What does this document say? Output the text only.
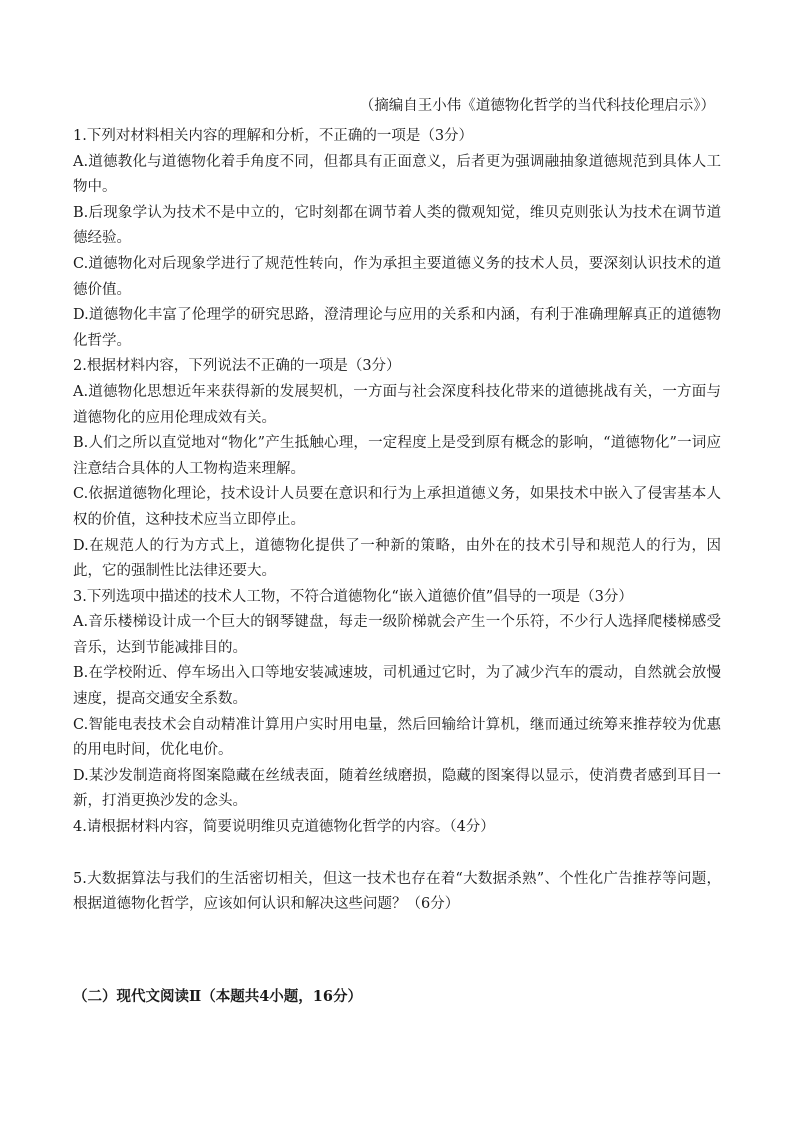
（摘编自王小伟《道德物化哲学的当代科技伦理启示》）

1.下列对材料相关内容的理解和分析，不正确的一项是（3分）

A.道德教化与道德物化着手角度不同，但都具有正面意义，后者更为强调融抽象道德规范到具体人工物中。

B.后现象学认为技术不是中立的，它时刻都在调节着人类的微观知觉，维贝克则张认为技术在调节道德经验。

C.道德物化对后现象学进行了规范性转向，作为承担主要道德义务的技术人员，要深刻认识技术的道德价值。

D.道德物化丰富了伦理学的研究思路，澄清理论与应用的关系和内涵，有利于准确理解真正的道德物化哲学。

2.根据材料内容，下列说法不正确的一项是（3分）

A.道德物化思想近年来获得新的发展契机，一方面与社会深度科技化带来的道德挑战有关，一方面与道德物化的应用伦理成效有关。

B.人们之所以直觉地对“物化”产生抵触心理，一定程度上是受到原有概念的影响，“道德物化”一词应注意结合具体的人工物构造来理解。

C.依据道德物化理论，技术设计人员要在意识和行为上承担道德义务，如果技术中嵌入了侵害基本人权的价值，这种技术应当立即停止。

D.在规范人的行为方式上，道德物化提供了一种新的策略，由外在的技术引导和规范人的行为，因此，它的强制性比法律还要大。

3.下列选项中描述的技术人工物，不符合道德物化“嵌入道德价值”倡导的一项是（3分）

A.音乐楼梯设计成一个巨大的钢琴键盘，每走一级阶梯就会产生一个乐符，不少行人选择爬楼梯感受音乐，达到节能减排目的。

B.在学校附近、停车场出入口等地安装减速坡，司机通过它时，为了减少汽车的震动，自然就会放慢速度，提高交通安全系数。

C.智能电表技术会自动精准计算用户实时用电量，然后回输给计算机，继而通过统筹来推荐较为优惠的用电时间，优化电价。

D.某沙发制造商将图案隐藏在丝绒表面，随着丝绒磨损，隐藏的图案得以显示，使消费者感到耳目一新，打消更换沙发的念头。

4.请根据材料内容，简要说明维贝克道德物化哲学的内容。（4分）

5.大数据算法与我们的生活密切相关，但这一技术也存在着“大数据杀熟”、个性化广告推荐等问题，根据道德物化哲学，应该如何认识和解决这些问题？（6分）

（二）现代文阅读Ⅱ（本题共4小题，16分）
